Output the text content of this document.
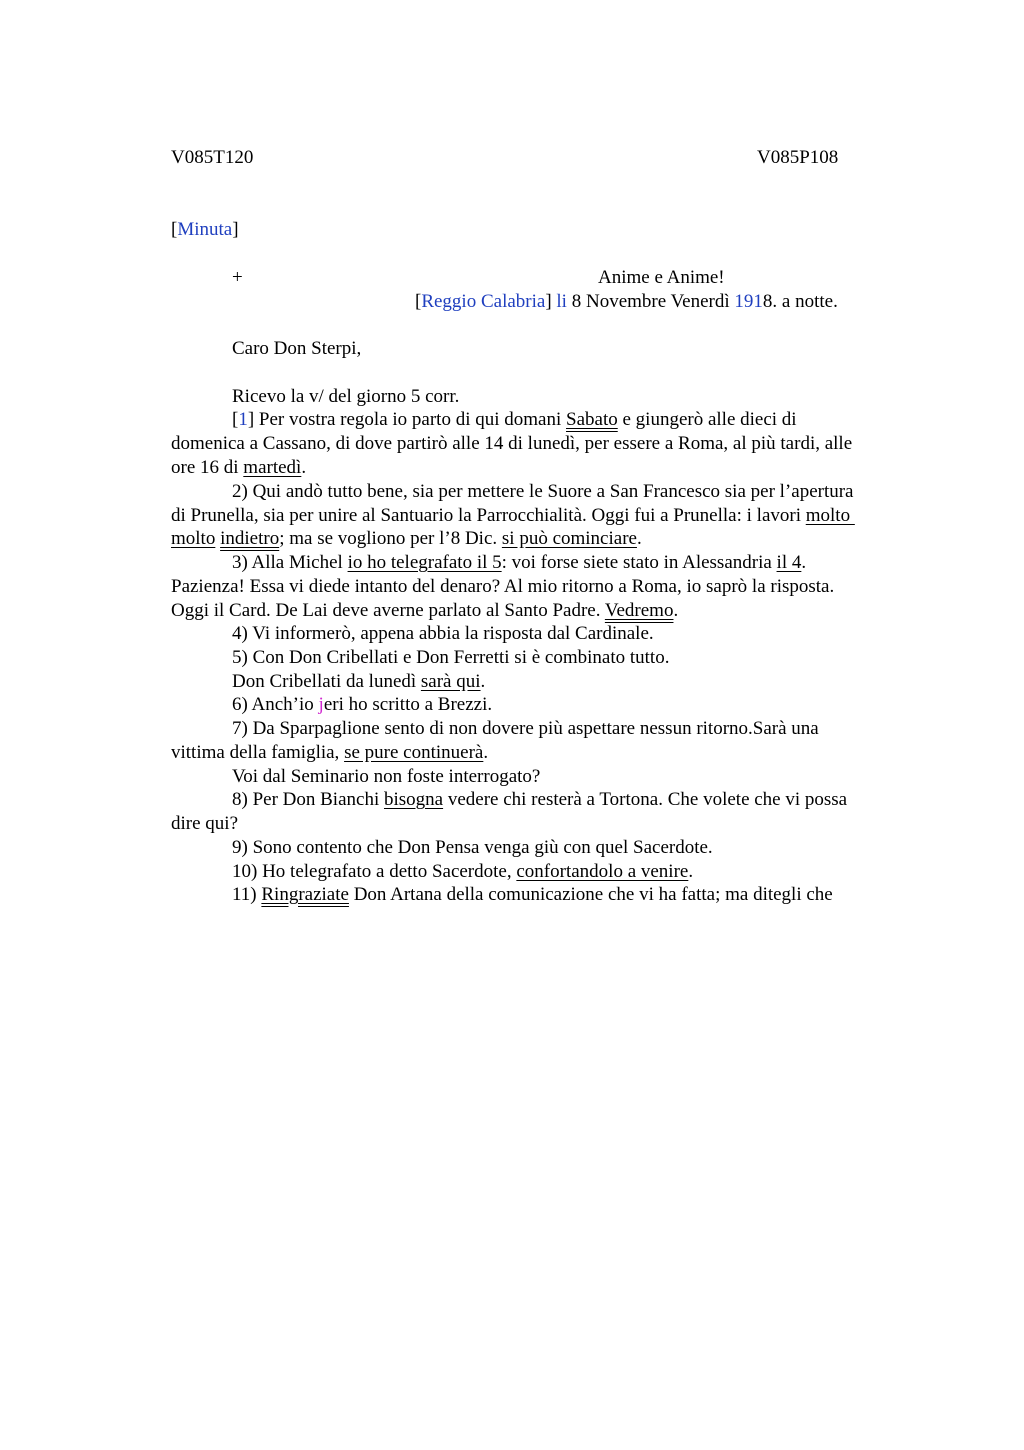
V085T120	V085P108
[Minuta]
+	Anime e Anime!
[Reggio Calabria] li 8 Novembre Venerdì 1918. a notte.
Caro Don Sterpi,
Ricevo la v/ del giorno 5 corr.
[1] Per vostra regola io parto di qui domani Sabato e giungerò alle dieci di
domenica a Cassano, di dove partirò alle 14 di lunedì, per essere a Roma, al più tardi, alle
ore 16 di martedì.
2) Qui andò tutto bene, sia per mettere le Suore a San Francesco sia per l’apertura
di Prunella, sia per unire al Santuario la Parrocchialità. Oggi fui a Prunella: i lavori molto
molto indietro; ma se vogliono per l’8 Dic. si può cominciare.
3) Alla Michel io ho telegrafato il 5: voi forse siete stato in Alessandria il 4.
Pazienza! Essa vi diede intanto del denaro? Al mio ritorno a Roma, io saprò la risposta.
Oggi il Card. De Lai deve averne parlato al Santo Padre. Vedremo.
4) Vi informerò, appena abbia la risposta dal Cardinale.
5) Con Don Cribellati e Don Ferretti si è combinato tutto.
Don Cribellati da lunedì sarà qui.
6) Anch’io jeri ho scritto a Brezzi.
7) Da Sparpaglione sento di non dovere più aspettare nessun ritorno.Sarà una
vittima della famiglia, se pure continuerà.
Voi dal Seminario non foste interrogato?
8) Per Don Bianchi bisogna vedere chi resterà a Tortona. Che volete che vi possa
dire qui?
9) Sono contento che Don Pensa venga giù con quel Sacerdote.
10) Ho telegrafato a detto Sacerdote, confortandolo a venire.
11) Ringraziate Don Artana della comunicazione che vi ha fatta; ma ditegli che
